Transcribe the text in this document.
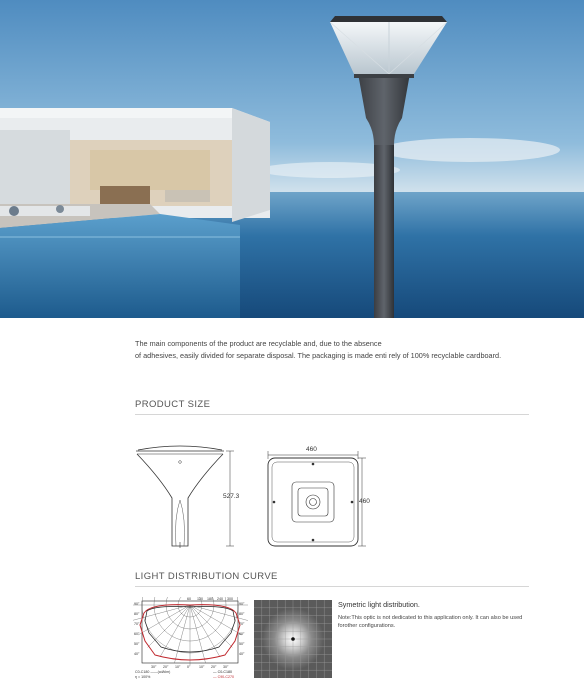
The main components of the product are recyclable and, due to the absence

of adhesives, easily divided for separate disposal. The packaging is made enti rely of 100% recyclable cardboard.

PRODUCT SIZE
527.3
460
460
LIGHT DISTRIBUTION CURVE
60 120 180 240 300
90°
80°
70°
60°
50°
40°
90°
80°
70°
60°
50°
40°
30° 20° 10° 0° 10° 20° 30°
C0-C180 ——(cd/klm)
η = 100%
— C0-C180
— C90-C270
Symetric light distribution.
Note:This optic is not dedicated to this application only. It can also be used forother configurations.
